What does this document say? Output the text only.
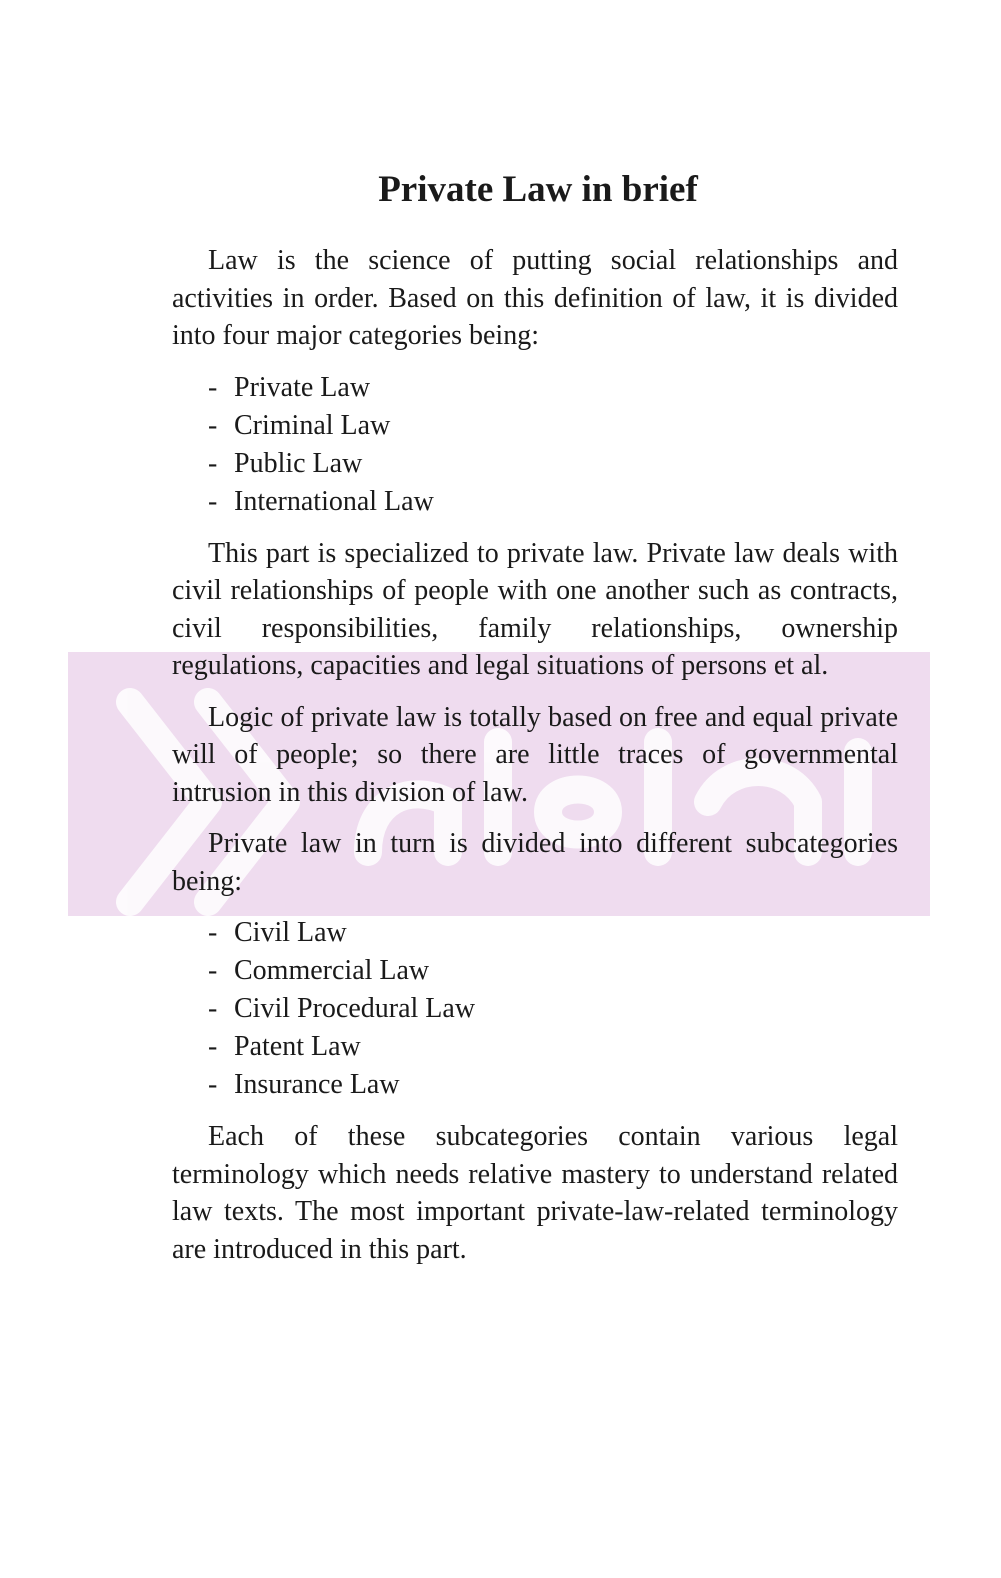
Private Law in brief

Law is the science of putting social relationships and activities in order. Based on this definition of law, it is divided into four major categories being:

- Private Law
- Criminal Law
- Public Law
- International Law

This part is specialized to private law. Private law deals with civil relationships of people with one another such as contracts, civil responsibilities, family relationships, ownership regulations, capacities and legal situations of persons et al.

Logic of private law is totally based on free and equal private will of people; so there are little traces of governmental intrusion in this division of law.

Private law in turn is divided into different subcategories being:

- Civil Law
- Commercial Law
- Civil Procedural Law
- Patent Law
- Insurance Law

Each of these subcategories contain various legal terminology which needs relative mastery to understand related law texts. The most important private-law-related terminology are introduced in this part.
